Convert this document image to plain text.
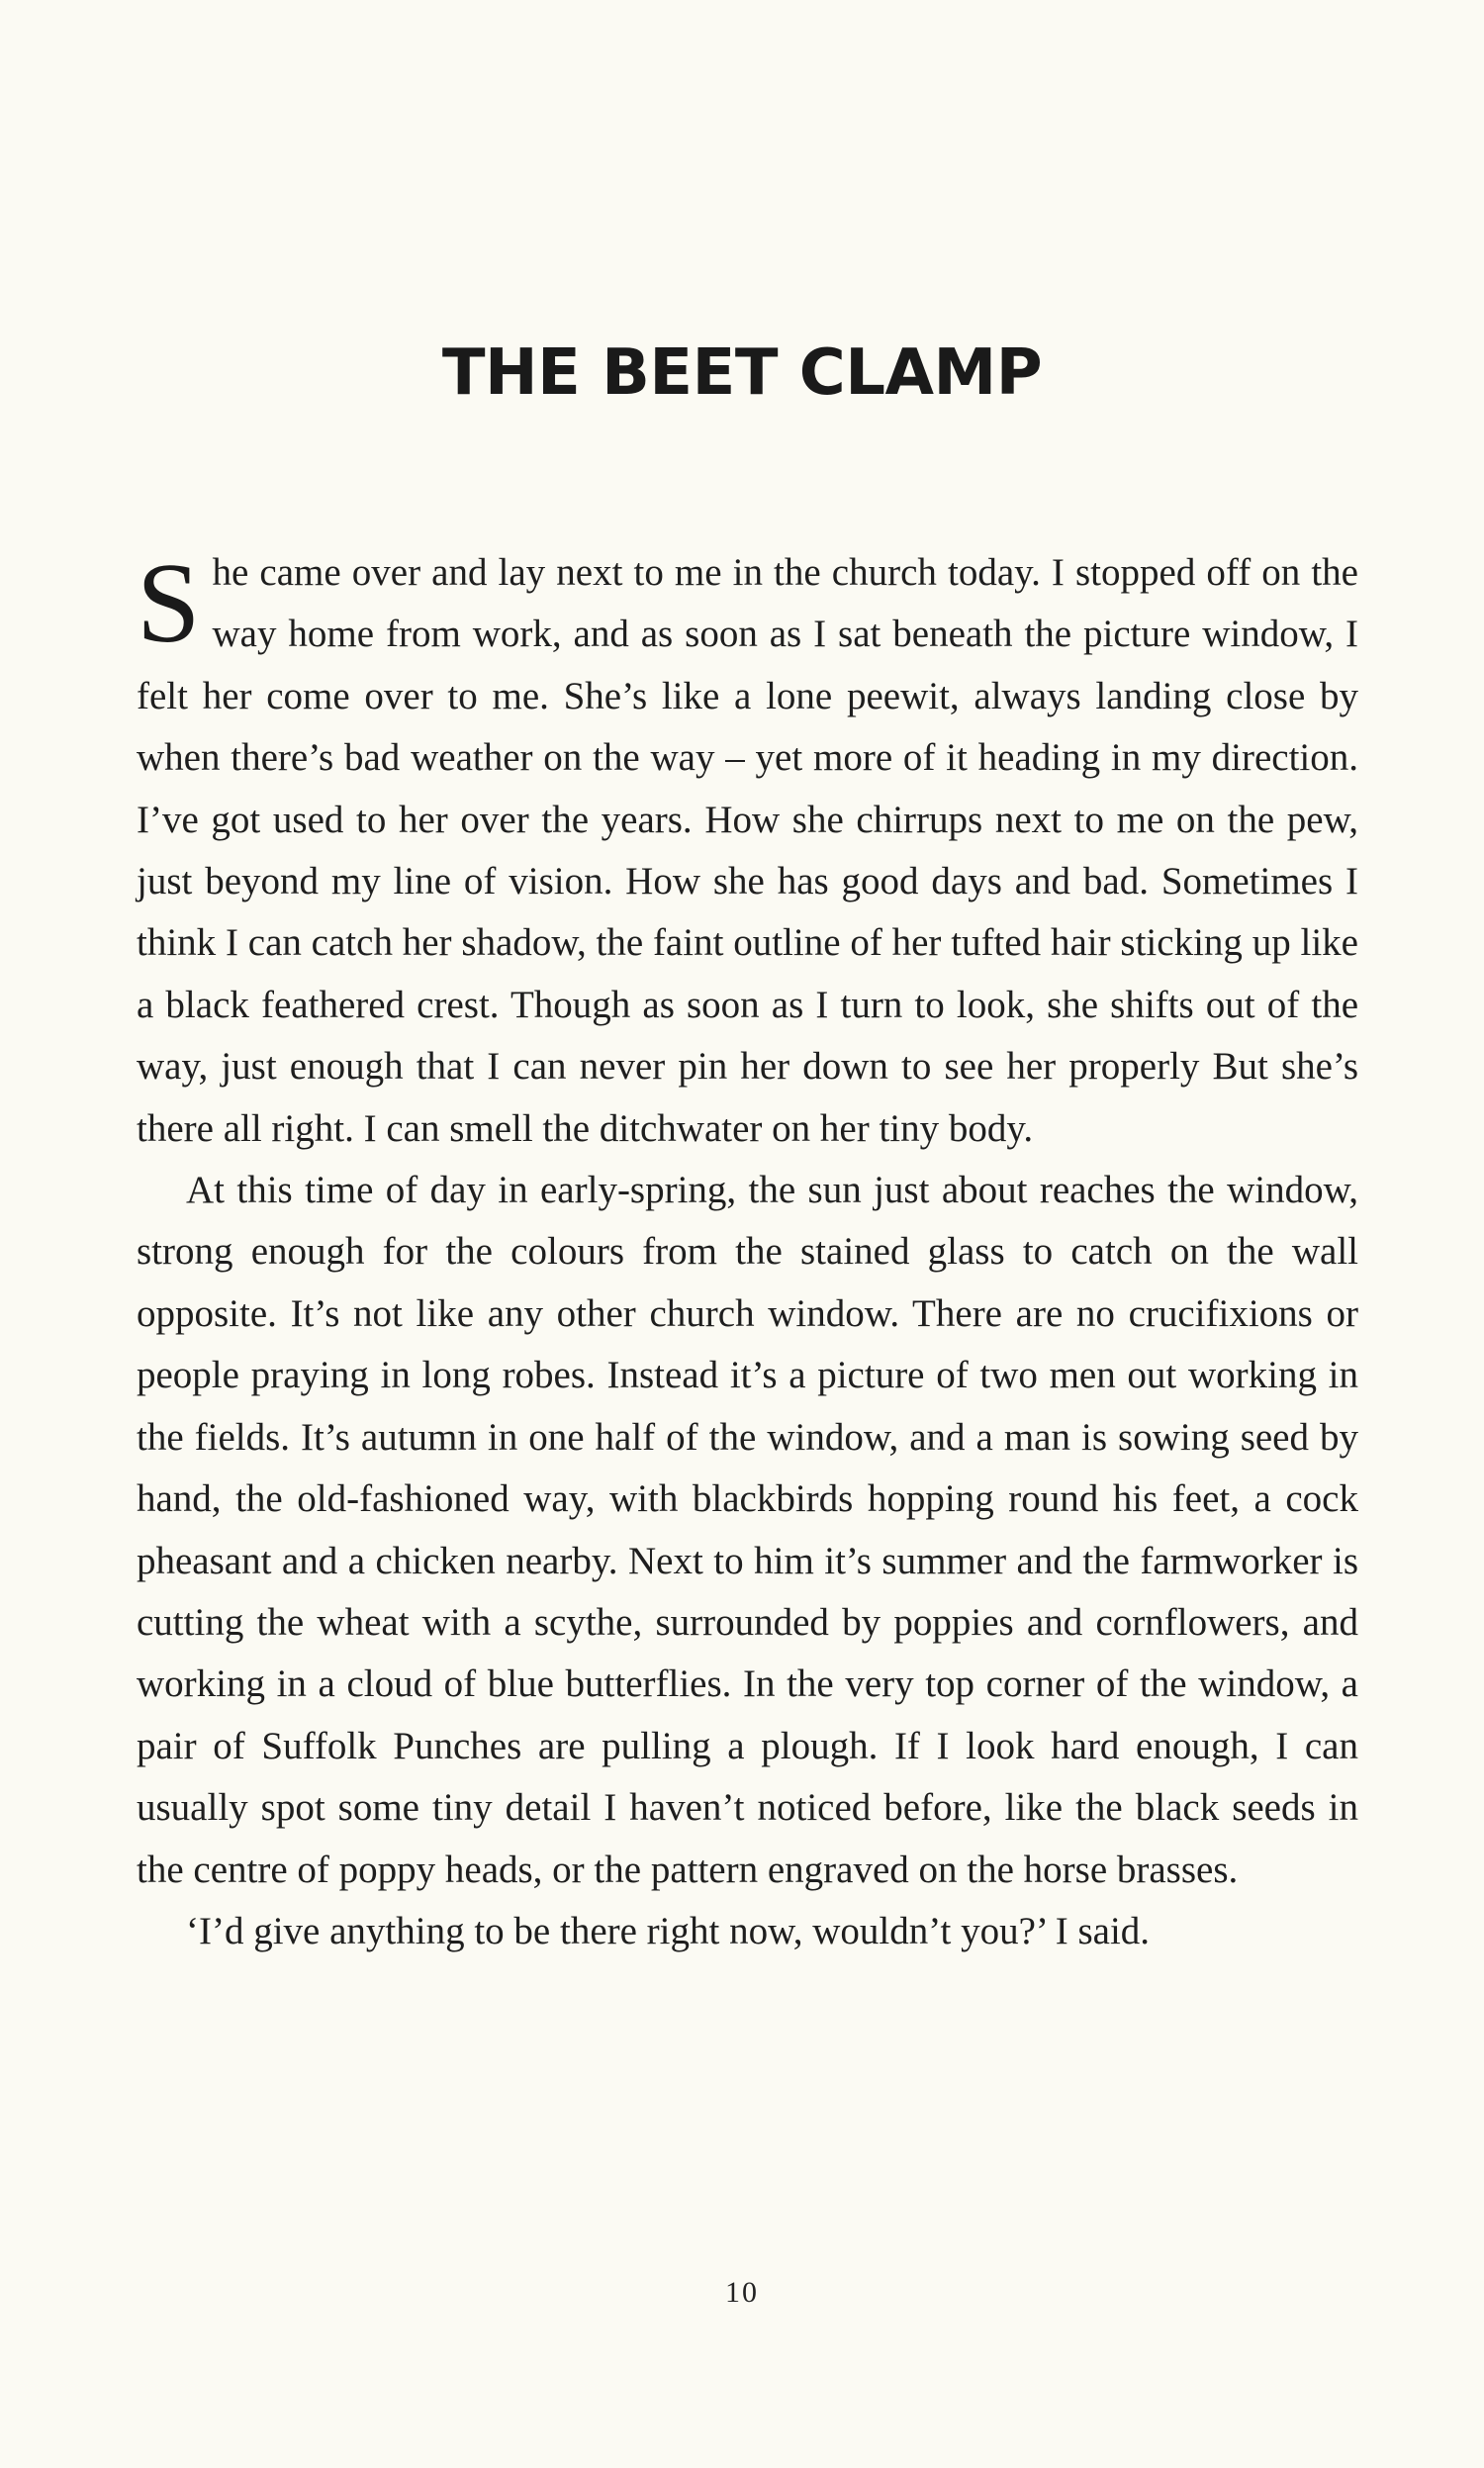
THE BEET CLAMP

She came over and lay next to me in the church today. I stopped off on the way home from work, and as soon as I sat beneath the picture window, I felt her come over to me. She’s like a lone peewit, always landing close by when there’s bad weather on the way – yet more of it heading in my direction. I’ve got used to her over the years. How she chirrups next to me on the pew, just beyond my line of vision. How she has good days and bad. Sometimes I think I can catch her shadow, the faint outline of her tufted hair sticking up like a black feathered crest. Though as soon as I turn to look, she shifts out of the way, just enough that I can never pin her down to see her properly But she’s there all right. I can smell the ditchwater on her tiny body.

At this time of day in early-spring, the sun just about reaches the window, strong enough for the colours from the stained glass to catch on the wall opposite. It’s not like any other church window. There are no crucifixions or people praying in long robes. Instead it’s a picture of two men out working in the fields. It’s autumn in one half of the window, and a man is sowing seed by hand, the old-fashioned way, with blackbirds hopping round his feet, a cock pheasant and a chicken nearby. Next to him it’s summer and the farmworker is cutting the wheat with a scythe, surrounded by poppies and cornflowers, and working in a cloud of blue butterflies. In the very top corner of the window, a pair of Suffolk Punches are pulling a plough. If I look hard enough, I can usually spot some tiny detail I haven’t noticed before, like the black seeds in the centre of poppy heads, or the pattern engraved on the horse brasses.

‘I’d give anything to be there right now, wouldn’t you?’ I said.

10
